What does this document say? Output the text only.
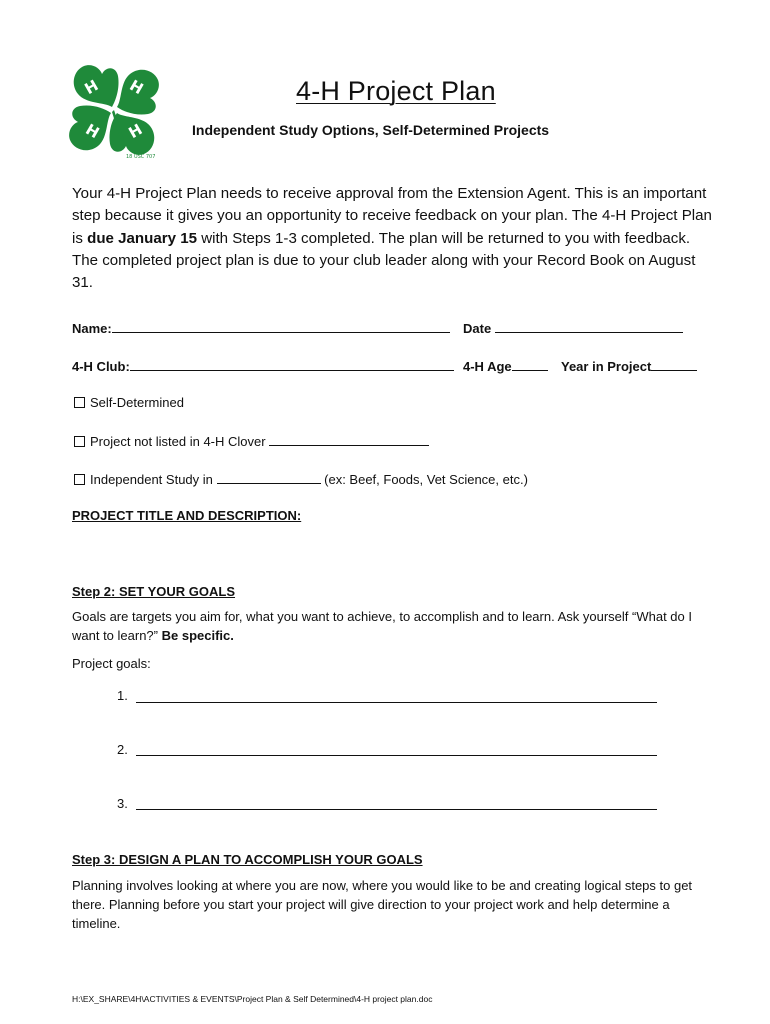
H H
H H
18 USC 707
4-H Project Plan
Independent Study Options, Self-Determined Projects
Your 4-H Project Plan needs to receive approval from the Extension Agent. This is an important step because it gives you an opportunity to receive feedback on your plan. The 4-H Project Plan is due January 15 with Steps 1-3 completed. The plan will be returned to you with feedback. The completed project plan is due to your club leader along with your Record Book on August 31.
Name:	Date
4-H Club:	4-H Age	Year in Project
Self-Determined
Project not listed in 4-H Clover
Independent Study in	(ex: Beef, Foods, Vet Science, etc.)
PROJECT TITLE AND DESCRIPTION:
Step 2: SET YOUR GOALS
Goals are targets you aim for, what you want to achieve, to accomplish and to learn. Ask yourself “What do I want to learn?” Be specific.
Project goals:
1.
2.
3.
Step 3: DESIGN A PLAN TO ACCOMPLISH YOUR GOALS
Planning involves looking at where you are now, where you would like to be and creating logical steps to get there. Planning before you start your project will give direction to your project work and help determine a timeline.
H:\EX_SHARE\4H\ACTIVITIES & EVENTS\Project Plan & Self Determined\4-H project plan.doc
